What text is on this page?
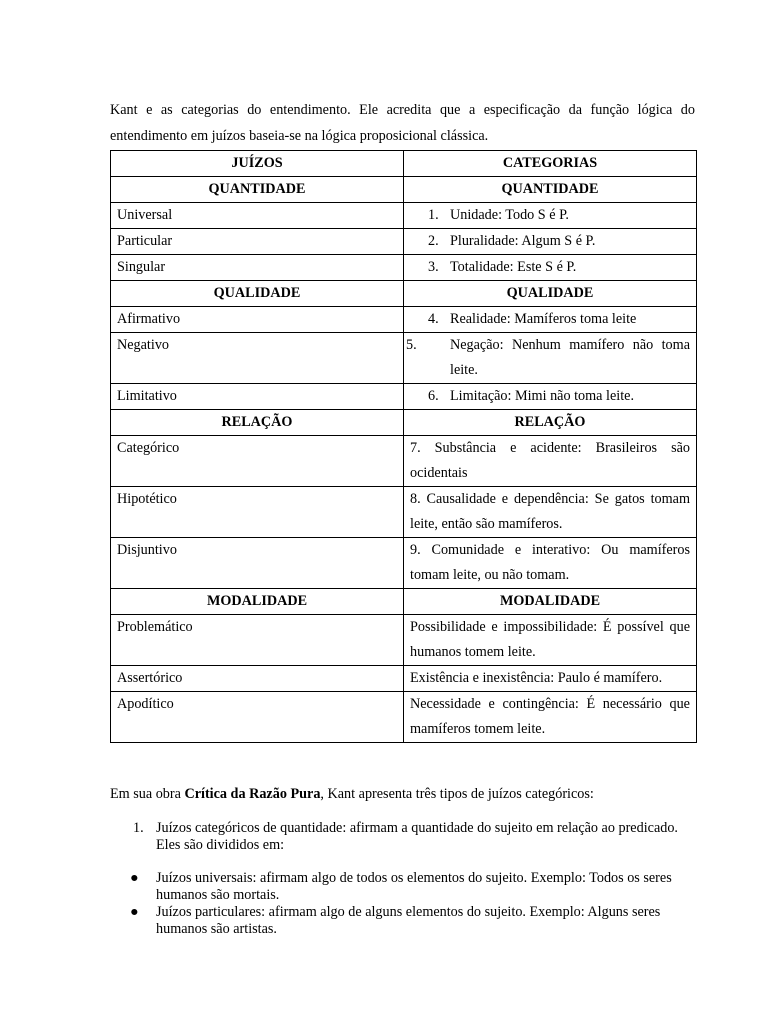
Kant e as categorias do entendimento. Ele acredita que a especificação da função lógica do entendimento em juízos baseia-se na lógica proposicional clássica.

JUÍZOS	CATEGORIAS
QUANTIDADE	QUANTIDADE
Universal	1. Unidade: Todo S é P.
Particular	2. Pluralidade: Algum S é P.
Singular	3. Totalidade: Este S é P.
QUALIDADE	QUALIDADE
Afirmativo	4. Realidade: Mamíferos toma leite
Negativo	5. Negação: Nenhum mamífero não toma leite.

Limitativo	6. Limitação: Mimi não toma leite.
RELAÇÃO	RELAÇÃO
Categórico	7. Substância e acidente: Brasileiros são ocidentais
Hipotético	8. Causalidade e dependência: Se gatos tomam leite, então são mamíferos.
Disjuntivo	9. Comunidade e interativo: Ou mamíferos tomam leite, ou não tomam.
MODALIDADE	MODALIDADE
Problemático	Possibilidade e impossibilidade: É possível que humanos tomem leite.
Assertórico	Existência e inexistência: Paulo é mamífero.
Apodítico	Necessidade e contingência: É necessário que mamíferos tomem leite.

Em sua obra Crítica da Razão Pura, Kant apresenta três tipos de juízos categóricos:

1. Juízos categóricos de quantidade: afirmam a quantidade do sujeito em relação ao predicado. Eles são divididos em:
● Juízos universais: afirmam algo de todos os elementos do sujeito. Exemplo: Todos os seres humanos são mortais.
● Juízos particulares: afirmam algo de alguns elementos do sujeito. Exemplo: Alguns seres humanos são artistas.
